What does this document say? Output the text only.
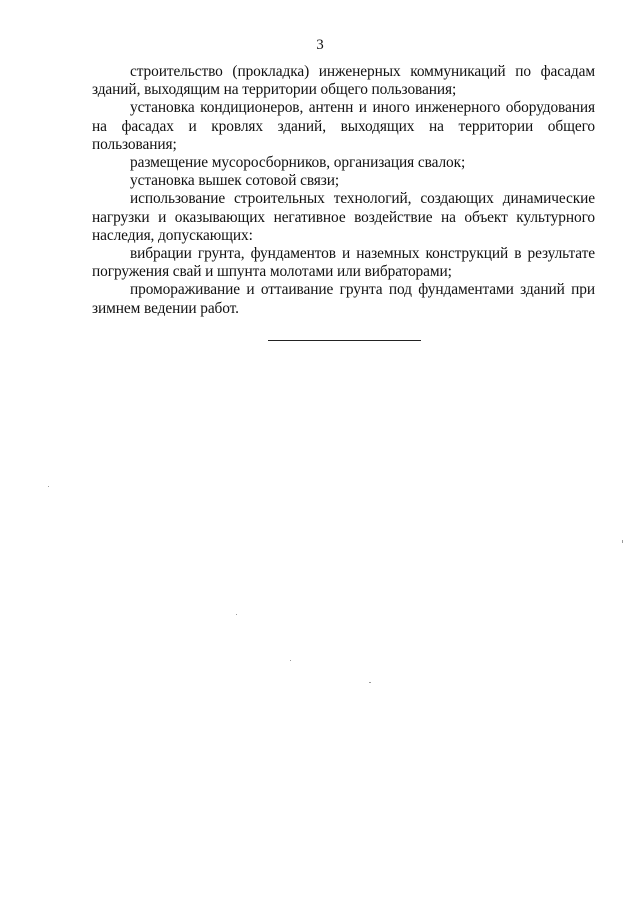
3

строительство (прокладка) инженерных коммуникаций по фасадам зданий, выходящим на территории общего пользования;

установка кондиционеров, антенн и иного инженерного оборудования на фасадах и кровлях зданий, выходящих на территории общего пользования;

размещение мусоросборников, организация свалок;

установка вышек сотовой связи;

использование строительных технологий, создающих динамические нагрузки и оказывающих негативное воздействие на объект культурного наследия, допускающих:

вибрации грунта, фундаментов и наземных конструкций в результате погружения свай и шпунта молотами или вибраторами;

промораживание и оттаивание грунта под фундаментами зданий при зимнем ведении работ.
